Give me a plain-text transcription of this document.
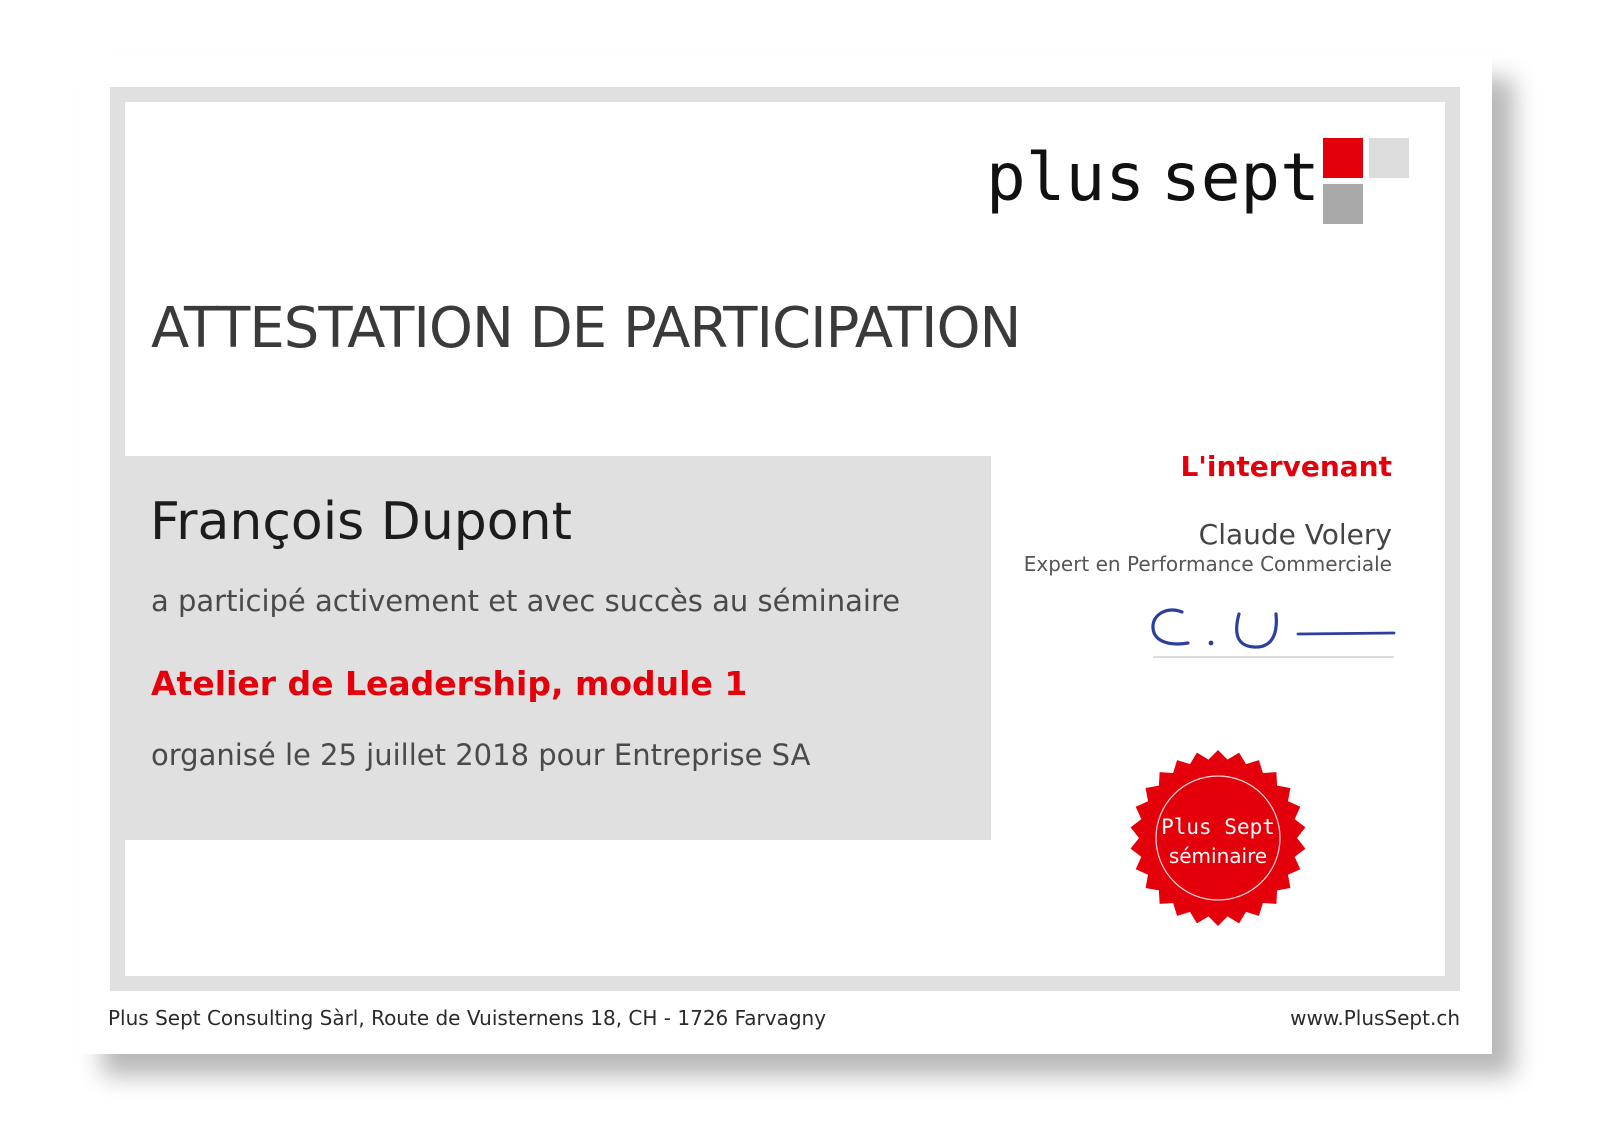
plus sept
ATTESTATION DE PARTICIPATION
François Dupont
a participé activement et avec succès au séminaire
Atelier de Leadership, module 1
organisé le 25 juillet 2018 pour Entreprise SA
L'intervenant
Claude Volery
Expert en Performance Commerciale
Plus Sept
séminaire
Plus Sept Consulting Sàrl, Route de Vuisternens 18, CH - 1726 Farvagny	www.PlusSept.ch
